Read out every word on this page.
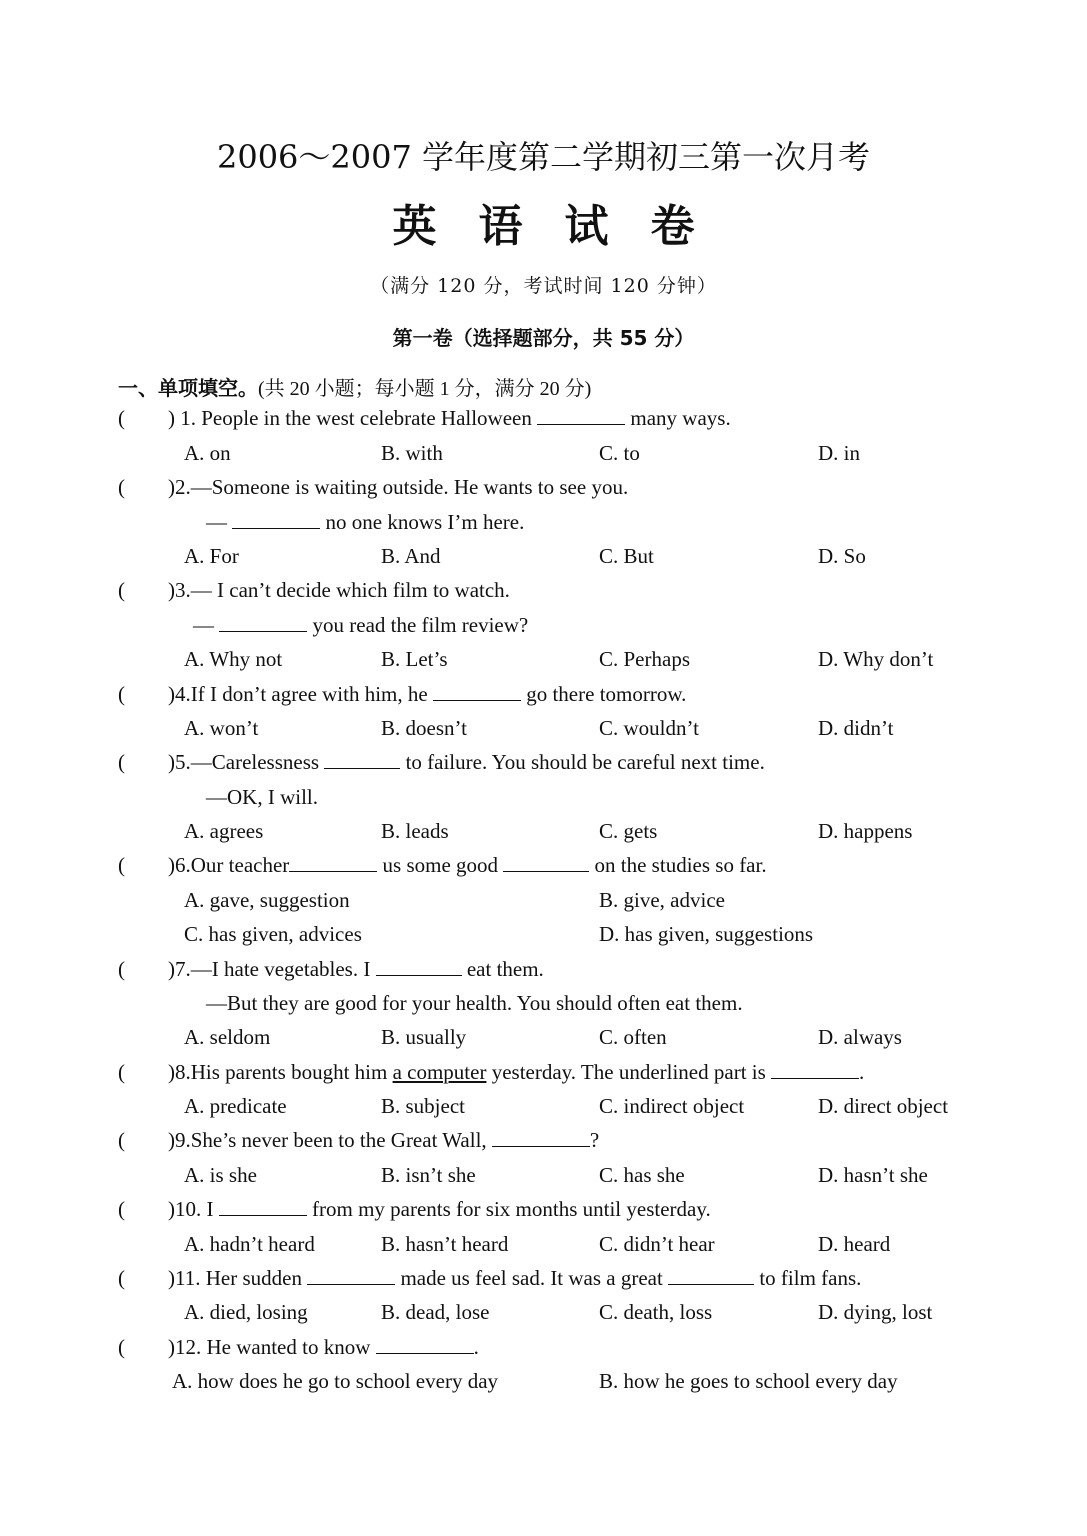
2006～2007 学年度第二学期初三第一次月考
英语试卷
（满分 120 分，考试时间 120 分钟）
第一卷（选择题部分，共 55 分）
一、单项填空。(共 20 小题；每小题 1 分，满分 20 分)
( ) 1. People in the west celebrate Halloween	many ways.
A. on	B. with	C. to	D. in
( )2.—Someone is waiting outside. He wants to see you.
—	no one knows I’m here.
A. For	B. And	C. But	D. So
( )3.— I can’t decide which film to watch.
—	you read the film review?
A. Why not	B. Let’s	C. Perhaps	D. Why don’t
( )4.If I don’t agree with him, he	go there tomorrow.
A. won’t	B. doesn’t	C. wouldn’t	D. didn’t
( )5.—Carelessness	to failure. You should be careful next time.
—OK, I will.
A. agrees	B. leads	C. gets	D. happens
( )6.Our teacher	us some good	on the studies so far.
A. gave, suggestion	B. give, advice
C. has given, advices	D. has given, suggestions
( )7.—I hate vegetables. I	eat them.
—But they are good for your health. You should often eat them.
A. seldom	B. usually	C. often	D. always
( )8.His parents bought him a computer yesterday. The underlined part is	.
A. predicate	B. subject	C. indirect object	D. direct object
( )9.She’s never been to the Great Wall,	?
A. is she	B. isn’t she	C. has she	D. hasn’t she
( )10. I	from my parents for six months until yesterday.
A. hadn’t heard	B. hasn’t heard	C. didn’t hear	D. heard
( )11. Her sudden	made us feel sad. It was a great	to film fans.
A. died, losing	B. dead, lose	C. death, loss	D. dying, lost
( )12. He wanted to know	.
A. how does he go to school every day	B. how he goes to school every day
